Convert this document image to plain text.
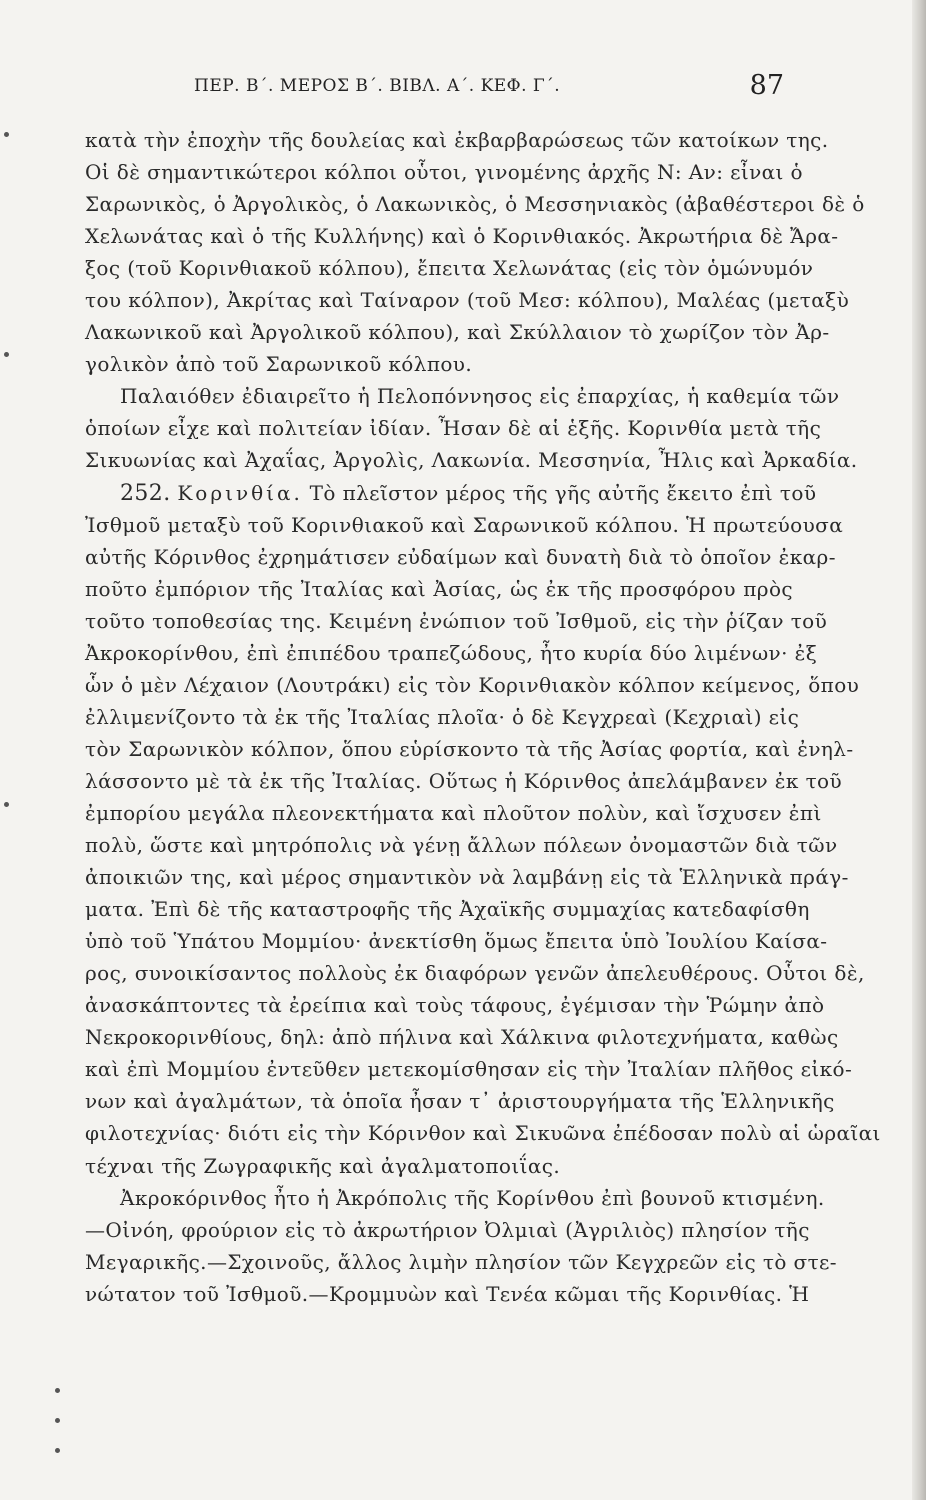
ΠΕΡ. Β΄. ΜΕΡΟΣ Β΄. ΒΙΒΛ. Α΄. ΚΕΦ. Γ΄.	87
κατὰ τὴν ἐποχὴν τῆς δουλείας καὶ ἐκβαρβαρώσεως τῶν κατοίκων της.
Οἱ δὲ σημαντικώτεροι κόλποι οὗτοι, γινομένης ἀρχῆς Ν: Αν: εἶναι ὁ
Σαρωνικὸς, ὁ Ἀργολικὸς, ὁ Λακωνικὸς, ὁ Μεσσηνιακὸς (ἀβαθέστεροι δὲ ὁ
Χελωνάτας καὶ ὁ τῆς Κυλλήνης) καὶ ὁ Κορινθιακός. Ἀκρωτήρια δὲ Ἄρα-
ξος (τοῦ Κορινθιακοῦ κόλπου), ἔπειτα Χελωνάτας (εἰς τὸν ὁμώνυμόν
του κόλπον), Ἀκρίτας καὶ Ταίναρον (τοῦ Μεσ: κόλπου), Μαλέας (μεταξὺ
Λακωνικοῦ καὶ Ἀργολικοῦ κόλπου), καὶ Σκύλλαιον τὸ χωρίζον τὸν Ἀρ-
γολικὸν ἀπὸ τοῦ Σαρωνικοῦ κόλπου.
Παλαιόθεν ἐδιαιρεῖτο ἡ Πελοπόννησος εἰς ἐπαρχίας, ἡ καθεμία τῶν
ὁποίων εἶχε καὶ πολιτείαν ἰδίαν. Ἦσαν δὲ αἱ ἑξῆς. Κορινθία μετὰ τῆς
Σικυωνίας καὶ Ἀχαΐας, Ἀργολὶς, Λακωνία. Μεσσηνία, Ἦλις καὶ Ἀρκαδία.
252. Κορινθία. Τὸ πλεῖστον μέρος τῆς γῆς αὐτῆς ἔκειτο ἐπὶ τοῦ
Ἰσθμοῦ μεταξὺ τοῦ Κορινθιακοῦ καὶ Σαρωνικοῦ κόλπου. Ἡ πρωτεύουσα
αὐτῆς Κόρινθος ἐχρημάτισεν εὐδαίμων καὶ δυνατὴ διὰ τὸ ὁποῖον ἐκαρ-
ποῦτο ἐμπόριον τῆς Ἰταλίας καὶ Ἀσίας, ὡς ἐκ τῆς προσφόρου πρὸς
τοῦτο τοποθεσίας της. Κειμένη ἐνώπιον τοῦ Ἰσθμοῦ, εἰς τὴν ῥίζαν τοῦ
Ἀκροκορίνθου, ἐπὶ ἐπιπέδου τραπεζώδους, ἦτο κυρία δύο λιμένων· ἐξ
ὧν ὁ μὲν Λέχαιον (Λουτράκι) εἰς τὸν Κορινθιακὸν κόλπον κείμενος, ὅπου
ἐλλιμενίζοντο τὰ ἐκ τῆς Ἰταλίας πλοῖα· ὁ δὲ Κεγχρεαὶ (Κεχριαὶ) εἰς
τὸν Σαρωνικὸν κόλπον, ὅπου εὑρίσκοντο τὰ τῆς Ἀσίας φορτία, καὶ ἐνηλ-
λάσσοντο μὲ τὰ ἐκ τῆς Ἰταλίας. Οὕτως ἡ Κόρινθος ἀπελάμβανεν ἐκ τοῦ
ἐμπορίου μεγάλα πλεονεκτήματα καὶ πλοῦτον πολὺν, καὶ ἴσχυσεν ἐπὶ
πολὺ, ὥστε καὶ μητρόπολις νὰ γένῃ ἄλλων πόλεων ὀνομαστῶν διὰ τῶν
ἀποικιῶν της, καὶ μέρος σημαντικὸν νὰ λαμβάνῃ εἰς τὰ Ἑλληνικὰ πράγ-
ματα. Ἐπὶ δὲ τῆς καταστροφῆς τῆς Ἀχαϊκῆς συμμαχίας κατεδαφίσθη
ὑπὸ τοῦ Ὑπάτου Μομμίου· ἀνεκτίσθη ὅμως ἔπειτα ὑπὸ Ἰουλίου Καίσα-
ρος, συνοικίσαντος πολλοὺς ἐκ διαφόρων γενῶν ἀπελευθέρους. Οὗτοι δὲ,
ἀνασκάπτοντες τὰ ἐρείπια καὶ τοὺς τάφους, ἐγέμισαν τὴν Ῥώμην ἀπὸ
Νεκροκορινθίους, δηλ: ἀπὸ πήλινα καὶ Χάλκινα φιλοτεχνήματα, καθὼς
καὶ ἐπὶ Μομμίου ἐντεῦθεν μετεκομίσθησαν εἰς τὴν Ἰταλίαν πλῆθος εἰκό-
νων καὶ ἀγαλμάτων, τὰ ὁποῖα ἦσαν τ᾽ ἀριστουργήματα τῆς Ἑλληνικῆς
φιλοτεχνίας· διότι εἰς τὴν Κόρινθον καὶ Σικυῶνα ἐπέδοσαν πολὺ αἱ ὡραῖαι
τέχναι τῆς Ζωγραφικῆς καὶ ἀγαλματοποιΐας.
Ἀκροκόρινθος ἦτο ἡ Ἀκρόπολις τῆς Κορίνθου ἐπὶ βουνοῦ κτισμένη.
—Οἰνόη, φρούριον εἰς τὸ ἀκρωτήριον Ὀλμιαὶ (Ἀγριλιὸς) πλησίον τῆς
Μεγαρικῆς.—Σχοινοῦς, ἄλλος λιμὴν πλησίον τῶν Κεγχρεῶν εἰς τὸ στε-
νώτατον τοῦ Ἰσθμοῦ.—Κρομμυὼν καὶ Τενέα κῶμαι τῆς Κορινθίας. Ἡ
